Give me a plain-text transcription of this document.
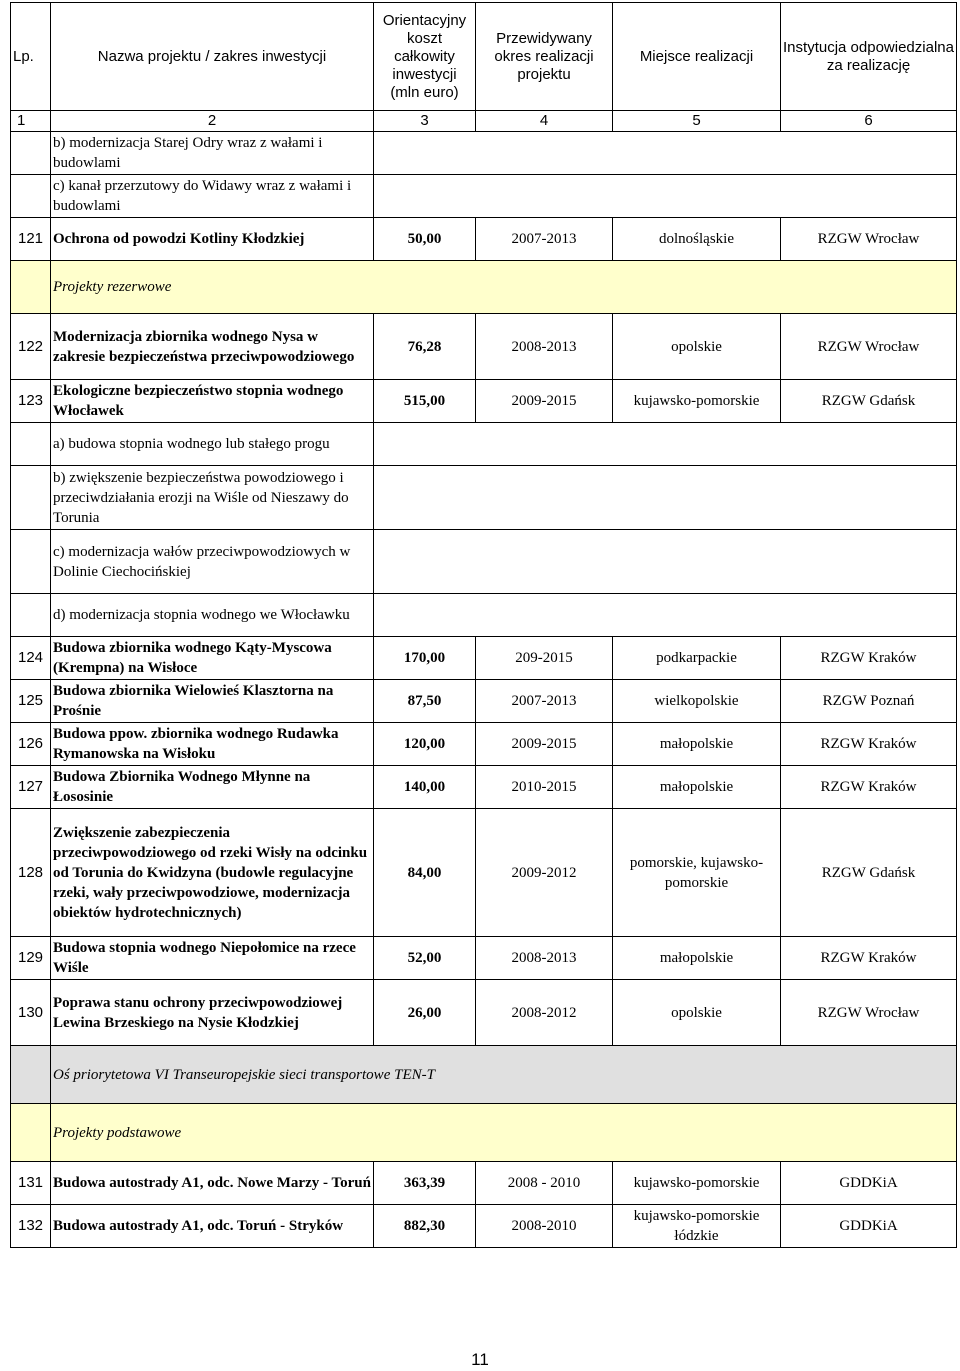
Lp.	Nazwa projektu / zakres inwestycji	Orientacyjny koszt całkowity inwestycji (mln euro)	Przewidywany okres realizacji projektu	Miejsce realizacji	Instytucja odpowiedzialna za realizację
1	2	3	4	5	6
	b) modernizacja Starej Odry wraz z wałami i budowlami				
	c) kanał przerzutowy do Widawy wraz z wałami i budowlami				
121	Ochrona od powodzi Kotliny Kłodzkiej	50,00	2007-2013	dolnośląskie	RZGW Wrocław
	Projekty rezerwowe				
122	Modernizacja zbiornika wodnego Nysa w zakresie bezpieczeństwa przeciwpowodziowego	76,28	2008-2013	opolskie	RZGW Wrocław
123	Ekologiczne bezpieczeństwo stopnia wodnego Włocławek	515,00	2009-2015	kujawsko-pomorskie	RZGW Gdańsk
	a) budowa stopnia wodnego lub stałego progu				
	b) zwiększenie bezpieczeństwa powodziowego i przeciwdziałania erozji na Wiśle od Nieszawy do Torunia				
	c) modernizacja wałów przeciwpowodziowych w Dolinie Ciechocińskiej				
	d) modernizacja stopnia wodnego we Włocławku				
124	Budowa zbiornika wodnego Kąty-Myscowa (Krempna) na Wisłoce	170,00	209-2015	podkarpackie	RZGW Kraków
125	Budowa zbiornika Wielowieś Klasztorna na Prośnie	87,50	2007-2013	wielkopolskie	RZGW Poznań
126	Budowa ppow. zbiornika wodnego Rudawka Rymanowska na Wisłoku	120,00	2009-2015	małopolskie	RZGW Kraków
127	Budowa Zbiornika Wodnego Młynne na Łososinie	140,00	2010-2015	małopolskie	RZGW Kraków
128	Zwiększenie zabezpieczenia przeciwpowodziowego od rzeki Wisły na odcinku od Torunia do Kwidzyna (budowle regulacyjne rzeki, wały przeciwpowodziowe, modernizacja obiektów hydrotechnicznych)	84,00	2009-2012	pomorskie, kujawsko-pomorskie	RZGW Gdańsk
129	Budowa stopnia wodnego Niepołomice na rzece Wiśle	52,00	2008-2013	małopolskie	RZGW Kraków
130	Poprawa stanu ochrony przeciwpowodziowej Lewina Brzeskiego na Nysie Kłodzkiej	26,00	2008-2012	opolskie	RZGW Wrocław
	Oś priorytetowa VI Transeuropejskie sieci transportowe TEN-T				
	Projekty podstawowe				
131	Budowa autostrady A1, odc. Nowe Marzy - Toruń	363,39	2008 - 2010	kujawsko-pomorskie	GDDKiA
132	Budowa autostrady A1, odc. Toruń - Stryków	882,30	2008-2010	kujawsko-pomorskie łódzkie	GDDKiA
11
